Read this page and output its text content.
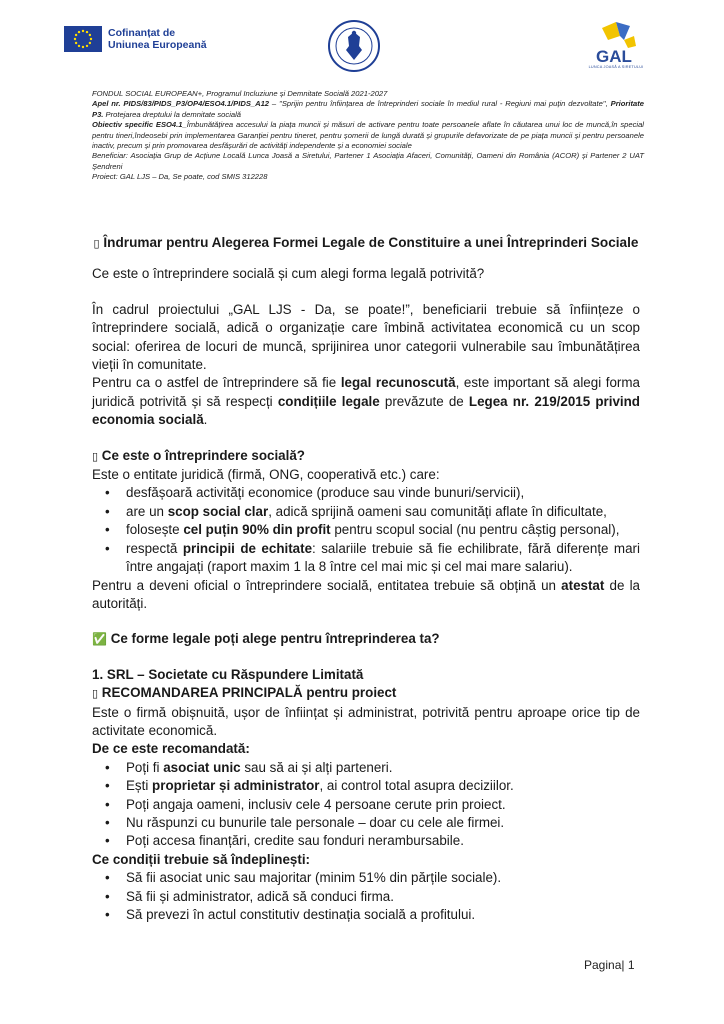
Cofinanțat de
Uniunea Europeană
GAL
LUNCA JOASĂ A SIRETULUI

FONDUL SOCIAL EUROPEAN+, Programul Incluziune și Demnitate Socială 2021-2027

Apel nr. PIDS/83/PIDS_P3/OP4/ESO4.1/PIDS_A12 – ''Sprijin pentru înființarea de întreprinderi sociale în mediul rural - Regiuni mai puțin dezvoltate'', Prioritate P3. Protejarea dreptului la demnitate socială

Obiectiv specific ESO4.1_Îmbunătățirea accesului la piața muncii și măsuri de activare pentru toate persoanele aflate în căutarea unui loc de muncă,în special pentru tineri,îndeosebi prin implementarea Garanției pentru tineret, pentru șomerii de lungă durată și grupurile defavorizate de pe piața muncii și pentru persoanele inactiv, precum și prin promovarea desfășurări de activități independente și a economiei sociale

Beneficiar: Asociația Grup de Acțiune Locală Lunca Joasă a Siretului, Partener 1 Asociația Afaceri, Comunități, Oameni din România (ACOR) și Partener 2 UAT Șendreni

Proiect: GAL LJS – Da, Se poate, cod SMIS 312228

▯ Îndrumar pentru Alegerea Formei Legale de Constituire a unei Întreprinderi Sociale

Ce este o întreprindere socială și cum alegi forma legală potrivită?

În cadrul proiectului „GAL LJS - Da, se poate!”, beneficiarii trebuie să înființeze o întreprindere socială, adică o organizație care îmbină activitatea economică cu un scop social: oferirea de locuri de muncă, sprijinirea unor categorii vulnerabile sau îmbunătățirea vieții în comunitate.

Pentru ca o astfel de întreprindere să fie legal recunoscută, este important să alegi forma juridică potrivită și să respecți condițiile legale prevăzute de Legea nr. 219/2015 privind economia socială.

▯ Ce este o întreprindere socială?

Este o entitate juridică (firmă, ONG, cooperativă etc.) care:

• desfășoară activități economice (produce sau vinde bunuri/servicii),
• are un scop social clar, adică sprijină oameni sau comunități aflate în dificultate,
• folosește cel puțin 90% din profit pentru scopul social (nu pentru câștig personal),
• respectă principii de echitate: salariile trebuie să fie echilibrate, fără diferențe mari între angajați (raport maxim 1 la 8 între cel mai mic și cel mai mare salariu).

Pentru a deveni oficial o întreprindere socială, entitatea trebuie să obțină un atestat de la autorități.

✅ Ce forme legale poți alege pentru întreprinderea ta?

1. SRL – Societate cu Răspundere Limitată

▯ RECOMANDAREA PRINCIPALĂ pentru proiect

Este o firmă obișnuită, ușor de înființat și administrat, potrivită pentru aproape orice tip de activitate economică.

De ce este recomandată:

• Poți fi asociat unic sau să ai și alți parteneri.
• Ești proprietar și administrator, ai control total asupra deciziilor.
• Poți angaja oameni, inclusiv cele 4 persoane cerute prin proiect.
• Nu răspunzi cu bunurile tale personale – doar cu cele ale firmei.
• Poți accesa finanțări, credite sau fonduri nerambursabile.

Ce condiții trebuie să îndeplinești:

• Să fii asociat unic sau majoritar (minim 51% din părțile sociale).
• Să fii și administrator, adică să conduci firma.
• Să prevezi în actul constitutiv destinația socială a profitului.
Pagina| 1
